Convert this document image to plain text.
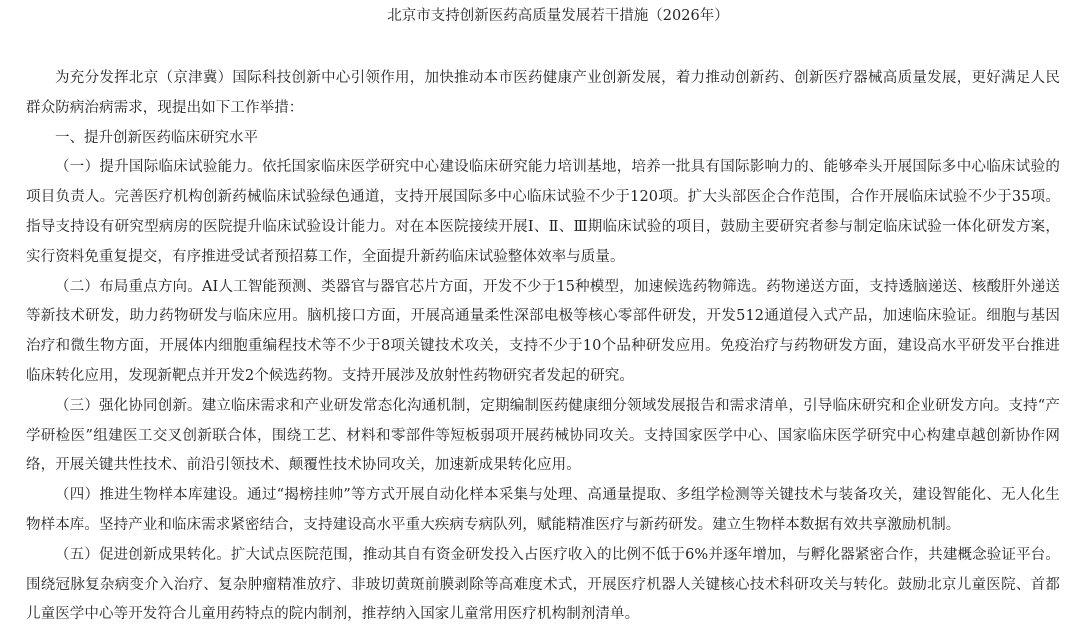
北京市支持创新医药高质量发展若干措施（2026年）

为充分发挥北京（京津冀）国际科技创新中心引领作用，加快推动本市医药健康产业创新发展，着力推动创新药、创新医疗器械高质量发展，更好满足人民群众防病治病需求，现提出如下工作举措：

一、提升创新医药临床研究水平

（一）提升国际临床试验能力。依托国家临床医学研究中心建设临床研究能力培训基地，培养一批具有国际影响力的、能够牵头开展国际多中心临床试验的项目负责人。完善医疗机构创新药械临床试验绿色通道，支持开展国际多中心临床试验不少于120项。扩大头部医企合作范围，合作开展临床试验不少于35项。指导支持设有研究型病房的医院提升临床试验设计能力。对在本医院接续开展Ⅰ、Ⅱ、Ⅲ期临床试验的项目，鼓励主要研究者参与制定临床试验一体化研发方案，实行资料免重复提交，有序推进受试者预招募工作，全面提升新药临床试验整体效率与质量。

（二）布局重点方向。AI人工智能预测、类器官与器官芯片方面，开发不少于15种模型，加速候选药物筛选。药物递送方面，支持透脑递送、核酸肝外递送等新技术研发，助力药物研发与临床应用。脑机接口方面，开展高通量柔性深部电极等核心零部件研发，开发512通道侵入式产品，加速临床验证。细胞与基因治疗和微生物方面，开展体内细胞重编程技术等不少于8项关键技术攻关，支持不少于10个品种研发应用。免疫治疗与药物研发方面，建设高水平研发平台推进临床转化应用，发现新靶点并开发2个候选药物。支持开展涉及放射性药物研究者发起的研究。

（三）强化协同创新。建立临床需求和产业研发常态化沟通机制，定期编制医药健康细分领域发展报告和需求清单，引导临床研究和企业研发方向。支持“产学研检医”组建医工交叉创新联合体，围绕工艺、材料和零部件等短板弱项开展药械协同攻关。支持国家医学中心、国家临床医学研究中心构建卓越创新协作网络，开展关键共性技术、前沿引领技术、颠覆性技术协同攻关，加速新成果转化应用。

（四）推进生物样本库建设。通过“揭榜挂帅”等方式开展自动化样本采集与处理、高通量提取、多组学检测等关键技术与装备攻关，建设智能化、无人化生物样本库。坚持产业和临床需求紧密结合，支持建设高水平重大疾病专病队列，赋能精准医疗与新药研发。建立生物样本数据有效共享激励机制。

（五）促进创新成果转化。扩大试点医院范围，推动其自有资金研发投入占医疗收入的比例不低于6%并逐年增加，与孵化器紧密合作，共建概念验证平台。围绕冠脉复杂病变介入治疗、复杂肿瘤精准放疗、非玻切黄斑前膜剥除等高难度术式，开展医疗机器人关键核心技术科研攻关与转化。鼓励北京儿童医院、首都儿童医学中心等开发符合儿童用药特点的院内制剂，推荐纳入国家儿童常用医疗机构制剂清单。
